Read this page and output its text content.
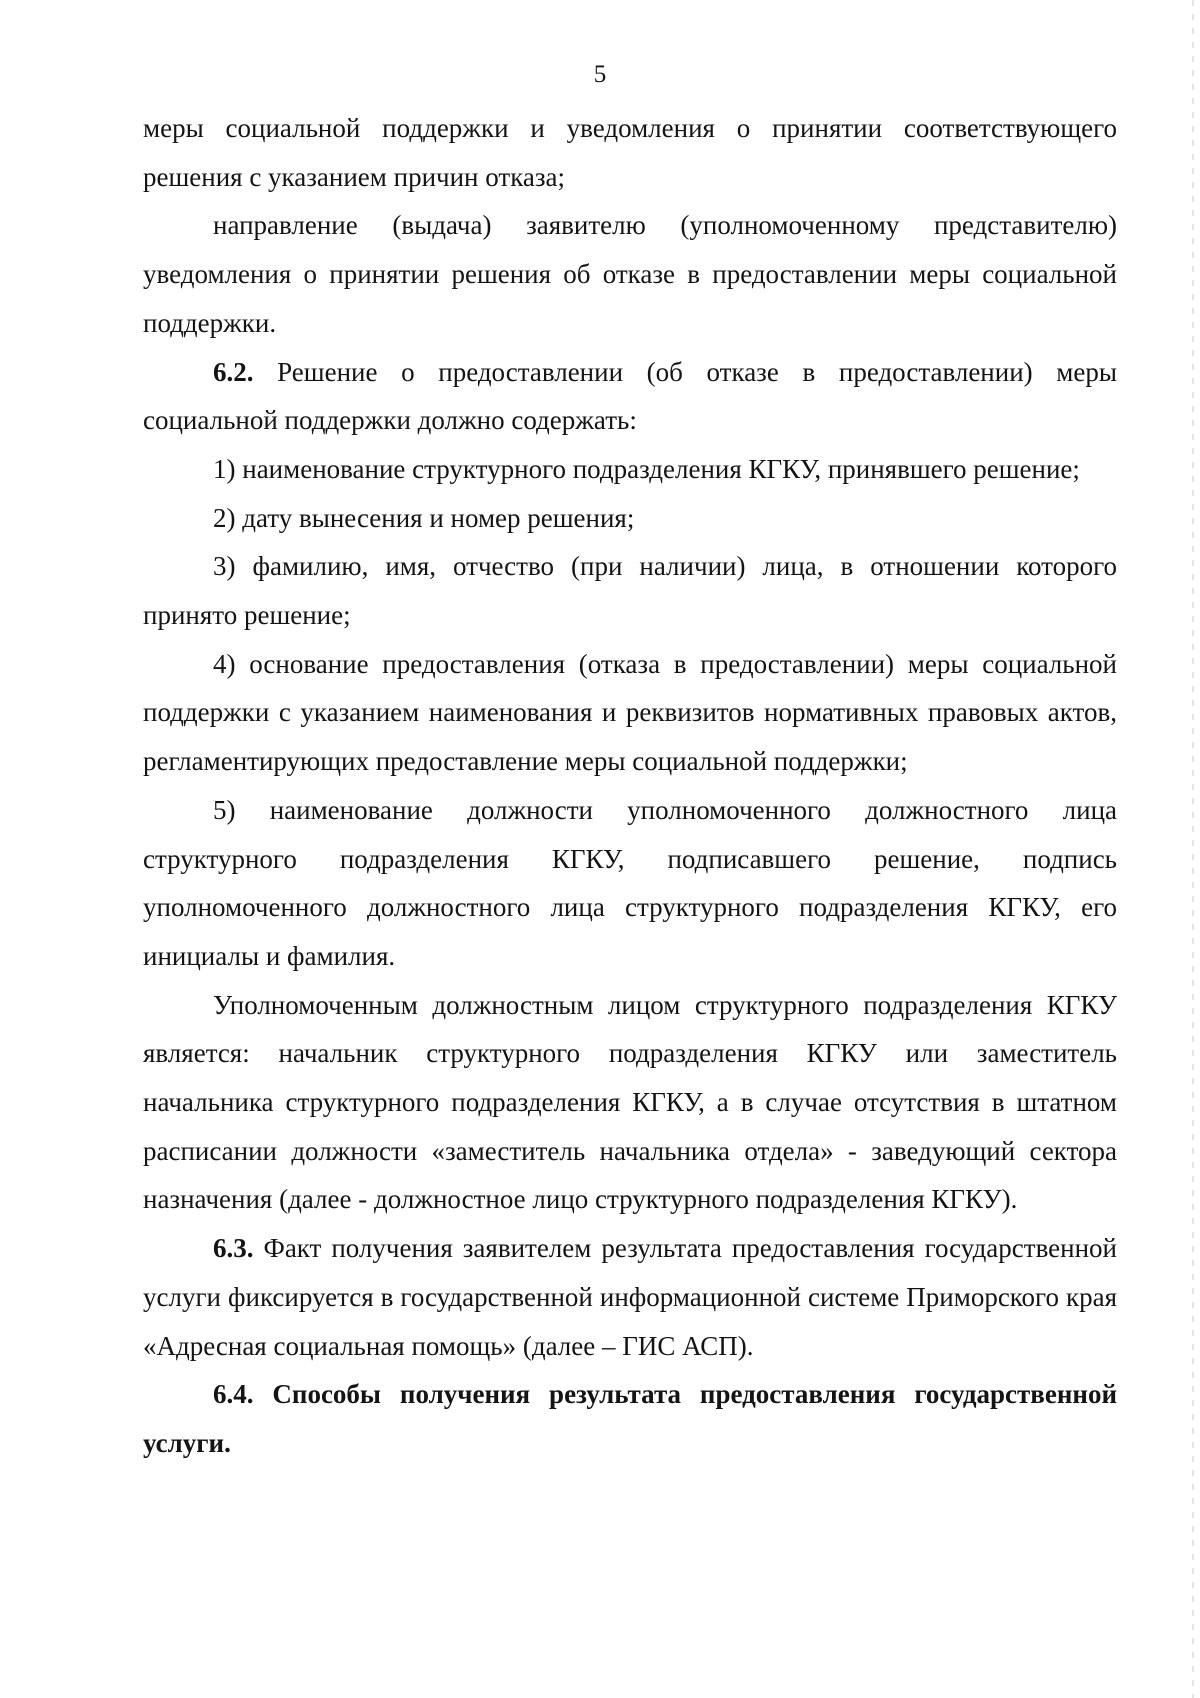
5

меры социальной поддержки и уведомления о принятии соответствующего решения с указанием причин отказа;

направление (выдача) заявителю (уполномоченному представителю) уведомления о принятии решения об отказе в предоставлении меры социальной поддержки.

6.2. Решение о предоставлении (об отказе в предоставлении) меры социальной поддержки должно содержать:

1) наименование структурного подразделения КГКУ, принявшего решение;

2) дату вынесения и номер решения;

3) фамилию, имя, отчество (при наличии) лица, в отношении которого принято решение;

4) основание предоставления (отказа в предоставлении) меры социальной поддержки с указанием наименования и реквизитов нормативных правовых актов, регламентирующих предоставление меры социальной поддержки;

5) наименование должности уполномоченного должностного лица структурного подразделения КГКУ, подписавшего решение, подпись уполномоченного должностного лица структурного подразделения КГКУ, его инициалы и фамилия.

Уполномоченным должностным лицом структурного подразделения КГКУ является: начальник структурного подразделения КГКУ или заместитель начальника структурного подразделения КГКУ, а в случае отсутствия в штатном расписании должности «заместитель начальника отдела» - заведующий сектора назначения (далее - должностное лицо структурного подразделения КГКУ).

6.3. Факт получения заявителем результата предоставления государственной услуги фиксируется в государственной информационной системе Приморского края «Адресная социальная помощь» (далее – ГИС АСП).

6.4. Способы получения результата предоставления государственной услуги.
